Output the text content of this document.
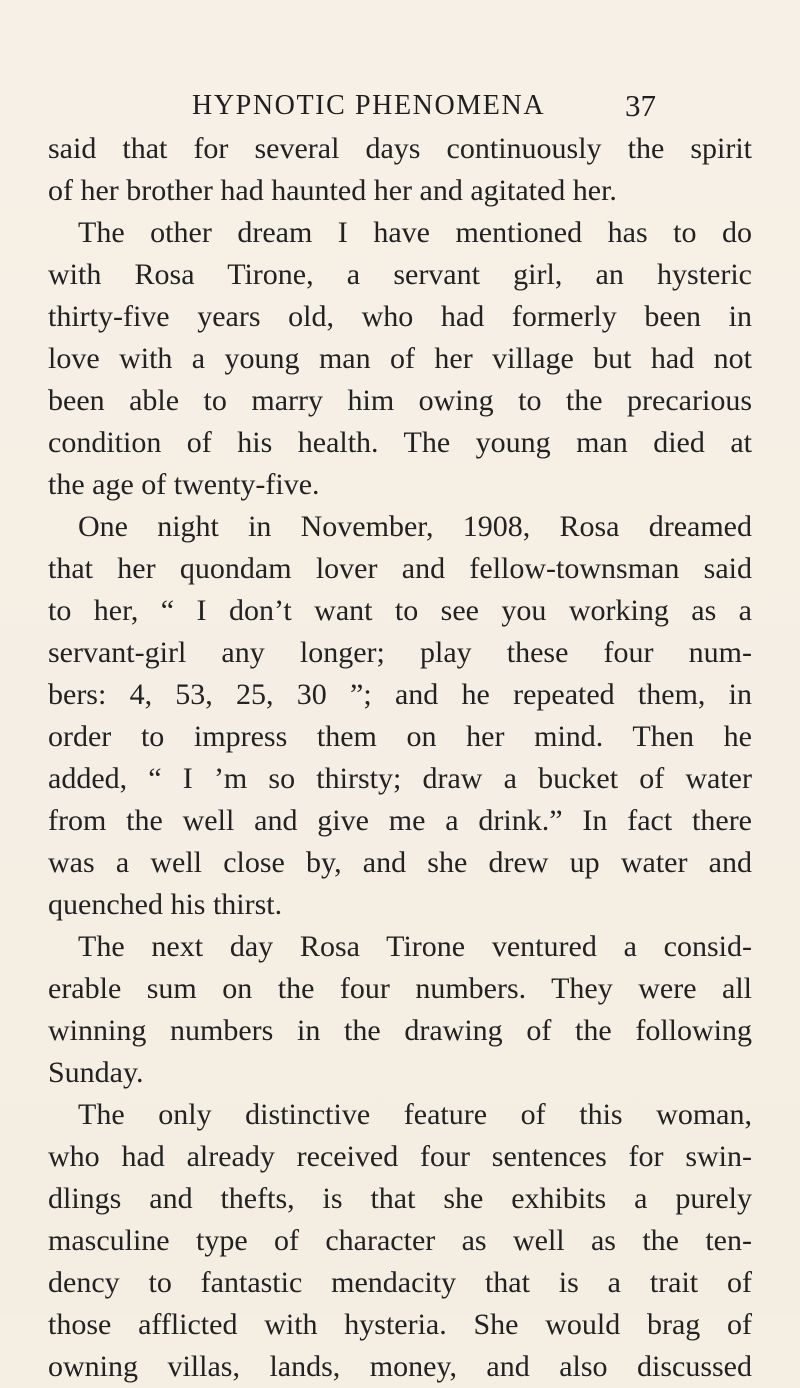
HYPNOTIC PHENOMENA	37
said that for several days continuously the spirit
of her brother had haunted her and agitated her.
The other dream I have mentioned has to do
with Rosa Tirone, a servant girl, an hysteric
thirty-five years old, who had formerly been in
love with a young man of her village but had not
been able to marry him owing to the precarious
condition of his health. The young man died at
the age of twenty-five.
One night in November, 1908, Rosa dreamed
that her quondam lover and fellow-townsman said
to her, “ I don’t want to see you working as a
servant-girl any longer; play these four num-
bers: 4, 53, 25, 30 ”; and he repeated them, in
order to impress them on her mind. Then he
added, “ I ’m so thirsty; draw a bucket of water
from the well and give me a drink.” In fact there
was a well close by, and she drew up water and
quenched his thirst.
The next day Rosa Tirone ventured a consid-
erable sum on the four numbers. They were all
winning numbers in the drawing of the following
Sunday.
The only distinctive feature of this woman,
who had already received four sentences for swin-
dlings and thefts, is that she exhibits a purely
masculine type of character as well as the ten-
dency to fantastic mendacity that is a trait of
those afflicted with hysteria. She would brag of
owning villas, lands, money, and also discussed
